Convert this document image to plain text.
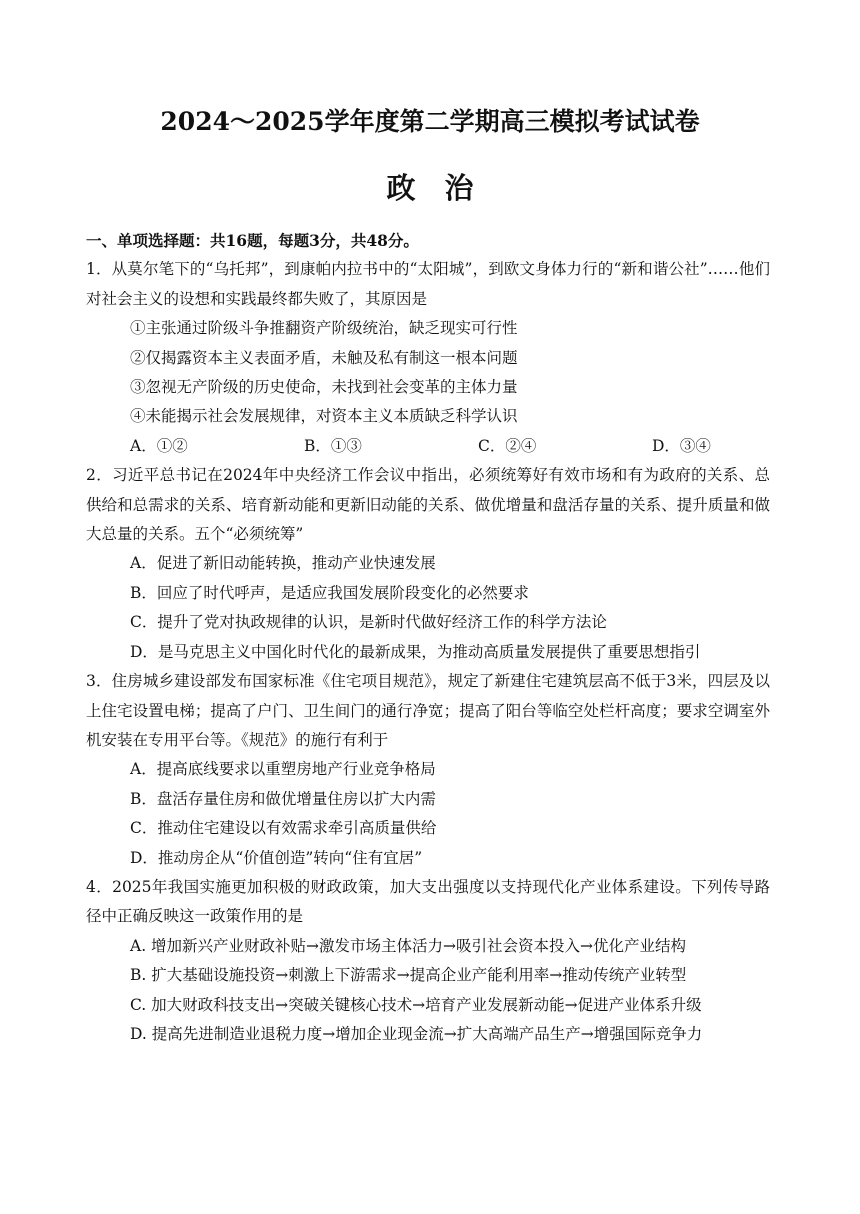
2024～2025学年度第二学期高三模拟考试试卷
政　治
一、单项选择题：共16题，每题3分，共48分。
1．从莫尔笔下的“乌托邦”，到康帕内拉书中的“太阳城”，到欧文身体力行的“新和谐公社”……他们对社会主义的设想和实践最终都失败了，其原因是
①主张通过阶级斗争推翻资产阶级统治，缺乏现实可行性
②仅揭露资本主义表面矛盾，未触及私有制这一根本问题
③忽视无产阶级的历史使命，未找到社会变革的主体力量
④未能揭示社会发展规律，对资本主义本质缺乏科学认识
A．①②	B．①③	C．②④	D．③④
2．习近平总书记在2024年中央经济工作会议中指出，必须统筹好有效市场和有为政府的关系、总供给和总需求的关系、培育新动能和更新旧动能的关系、做优增量和盘活存量的关系、提升质量和做大总量的关系。五个“必须统筹”
A．促进了新旧动能转换，推动产业快速发展
B．回应了时代呼声，是适应我国发展阶段变化的必然要求
C．提升了党对执政规律的认识，是新时代做好经济工作的科学方法论
D．是马克思主义中国化时代化的最新成果，为推动高质量发展提供了重要思想指引
3．住房城乡建设部发布国家标准《住宅项目规范》，规定了新建住宅建筑层高不低于3米，四层及以上住宅设置电梯；提高了户门、卫生间门的通行净宽；提高了阳台等临空处栏杆高度；要求空调室外机安装在专用平台等。《规范》的施行有利于
A．提高底线要求以重塑房地产行业竞争格局
B．盘活存量住房和做优增量住房以扩大内需
C．推动住宅建设以有效需求牵引高质量供给
D．推动房企从“价值创造”转向“住有宜居”
4．2025年我国实施更加积极的财政政策，加大支出强度以支持现代化产业体系建设。下列传导路径中正确反映这一政策作用的是
A. 增加新兴产业财政补贴→激发市场主体活力→吸引社会资本投入→优化产业结构
B. 扩大基础设施投资→刺激上下游需求→提高企业产能利用率→推动传统产业转型
C. 加大财政科技支出→突破关键核心技术→培育产业发展新动能→促进产业体系升级
D. 提高先进制造业退税力度→增加企业现金流→扩大高端产品生产→增强国际竞争力
